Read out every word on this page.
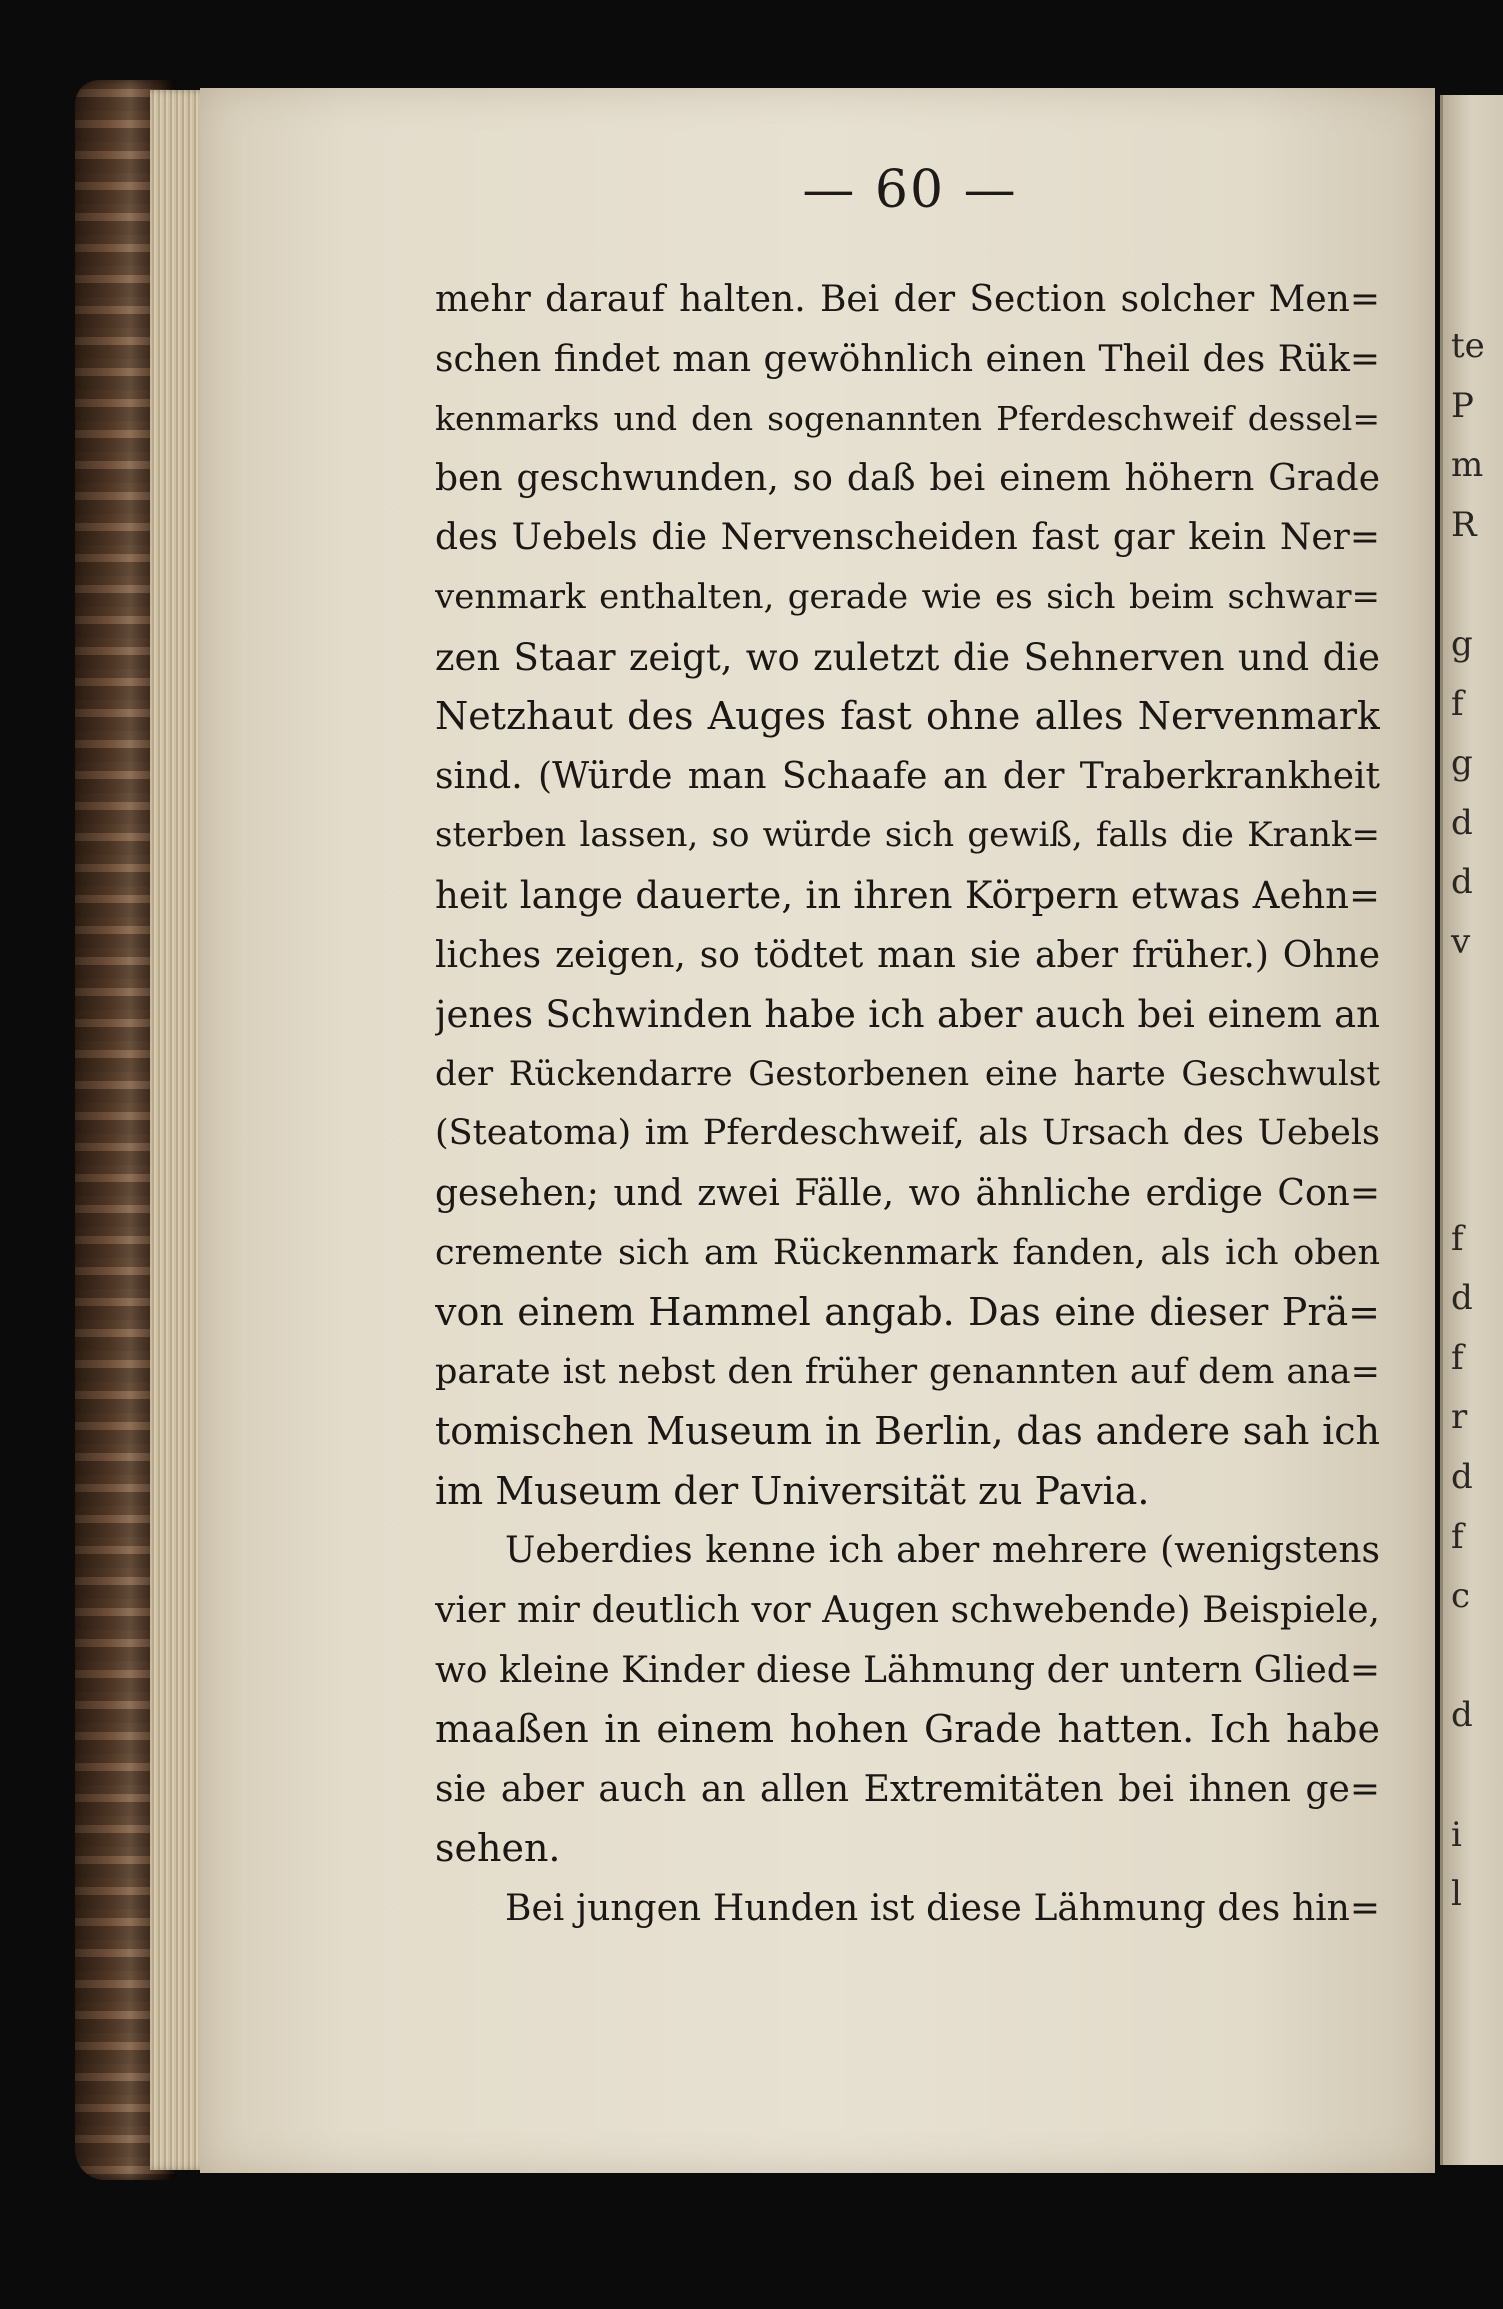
— 60 —
mehr darauf halten. Bei der Section solcher Men=
schen findet man gewöhnlich einen Theil des Rük=
kenmarks und den sogenannten Pferdeschweif dessel=
ben geschwunden, so daß bei einem höhern Grade
des Uebels die Nervenscheiden fast gar kein Ner=
venmark enthalten, gerade wie es sich beim schwar=
zen Staar zeigt, wo zuletzt die Sehnerven und die
Netzhaut des Auges fast ohne alles Nervenmark
sind. (Würde man Schaafe an der Traberkrankheit
sterben lassen, so würde sich gewiß, falls die Krank=
heit lange dauerte, in ihren Körpern etwas Aehn=
liches zeigen, so tödtet man sie aber früher.) Ohne
jenes Schwinden habe ich aber auch bei einem an
der Rückendarre Gestorbenen eine harte Geschwulst
(Steatoma) im Pferdeschweif, als Ursach des Uebels
gesehen; und zwei Fälle, wo ähnliche erdige Con=
cremente sich am Rückenmark fanden, als ich oben
von einem Hammel angab. Das eine dieser Prä=
parate ist nebst den früher genannten auf dem ana=
tomischen Museum in Berlin, das andere sah ich
im Museum der Universität zu Pavia.
Ueberdies kenne ich aber mehrere (wenigstens
vier mir deutlich vor Augen schwebende) Beispiele,
wo kleine Kinder diese Lähmung der untern Glied=
maaßen in einem hohen Grade hatten. Ich habe
sie aber auch an allen Extremitäten bei ihnen ge=
sehen.
Bei jungen Hunden ist diese Lähmung des hin=
te
P
m
R
g
f
g
d
d
v
f
d
f
r
d
f
c
d
i
l
